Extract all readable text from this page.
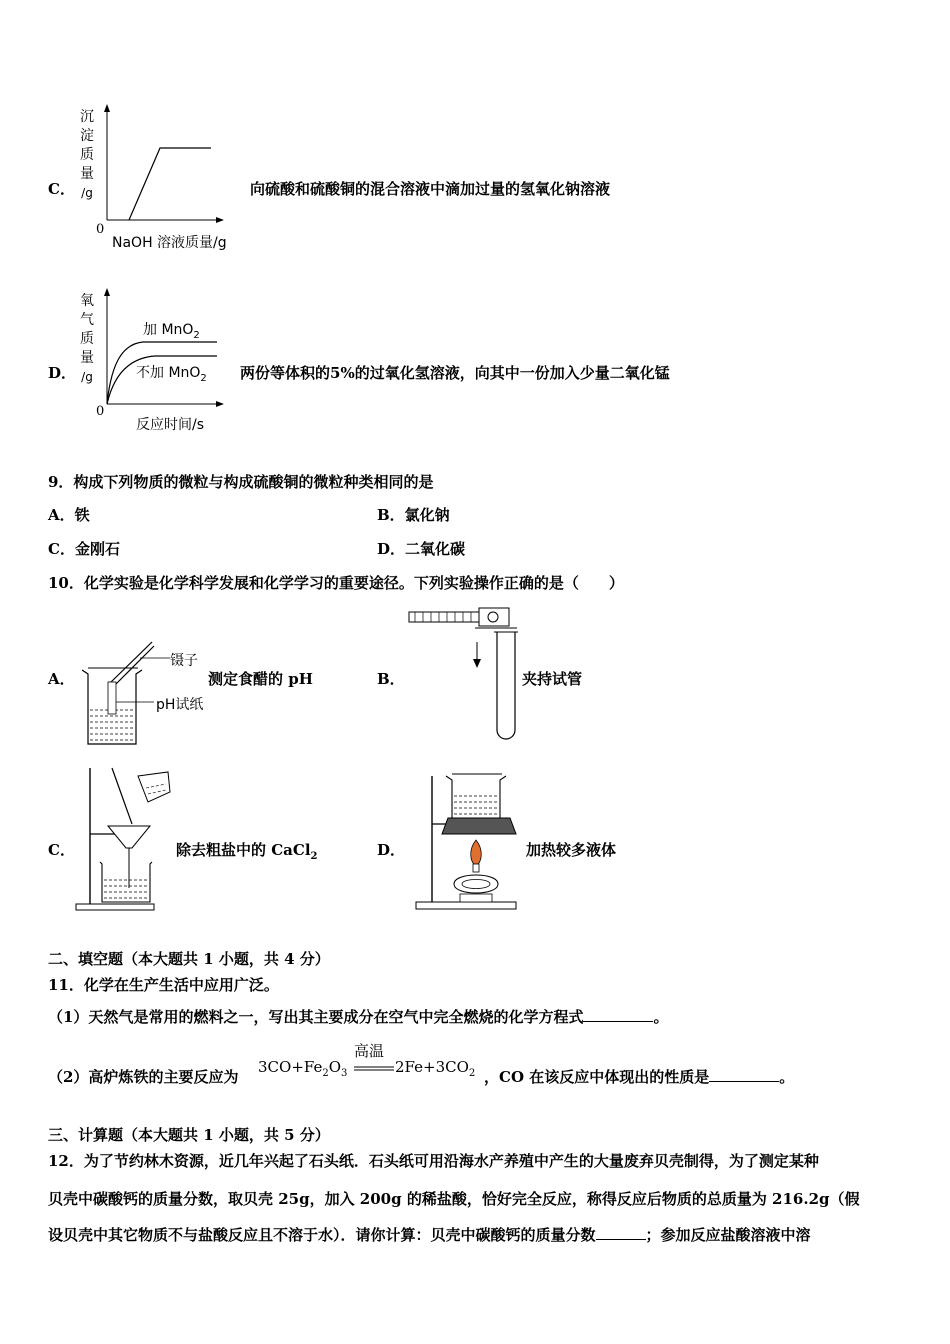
C．
沉
淀
质
量
/g
0
NaOH 溶液质量/g
向硫酸和硫酸铜的混合溶液中滴加过量的氢氧化钠溶液
D．
氧
气
质
量
/g
加 MnO$_2$
不加 MnO$_2$
0
反应时间/s
两份等体积的5%的过氧化氢溶液，向其中一份加入少量二氧化锰
9．构成下列物质的微粒与构成硫酸铜的微粒种类相同的是
A．铁	B．氯化钠
C．金刚石	D．二氧化碳
10．化学实验是化学科学发展和化学学习的重要途径。下列实验操作正确的是（　　）
A．
镊子
pH试纸
测定食醋的 pH	B．	夹持试管
C．	除去粗盐中的 CaCl$_2$	D．	加热较多液体
二、填空题（本大题共 1 小题，共 4 分）
11．化学在生产生活中应用广泛。
（1）天然气是常用的燃料之一，写出其主要成分在空气中完全燃烧的化学方程式	。
（2）高炉炼铁的主要反应为
$3CO+Fe_2O_3$
高温
$2Fe+3CO_2$ ，CO 在该反应中体现出的性质是	。
三、计算题（本大题共 1 小题，共 5 分）
12．为了节约林木资源，近几年兴起了石头纸．石头纸可用沿海水产养殖中产生的大量废弃贝壳制得，为了测定某种
贝壳中碳酸钙的质量分数，取贝壳 25g，加入 200g 的稀盐酸，恰好完全反应，称得反应后物质的总质量为 216.2g（假
设贝壳中其它物质不与盐酸反应且不溶于水）．请你计算：贝壳中碳酸钙的质量分数	；参加反应盐酸溶液中溶
